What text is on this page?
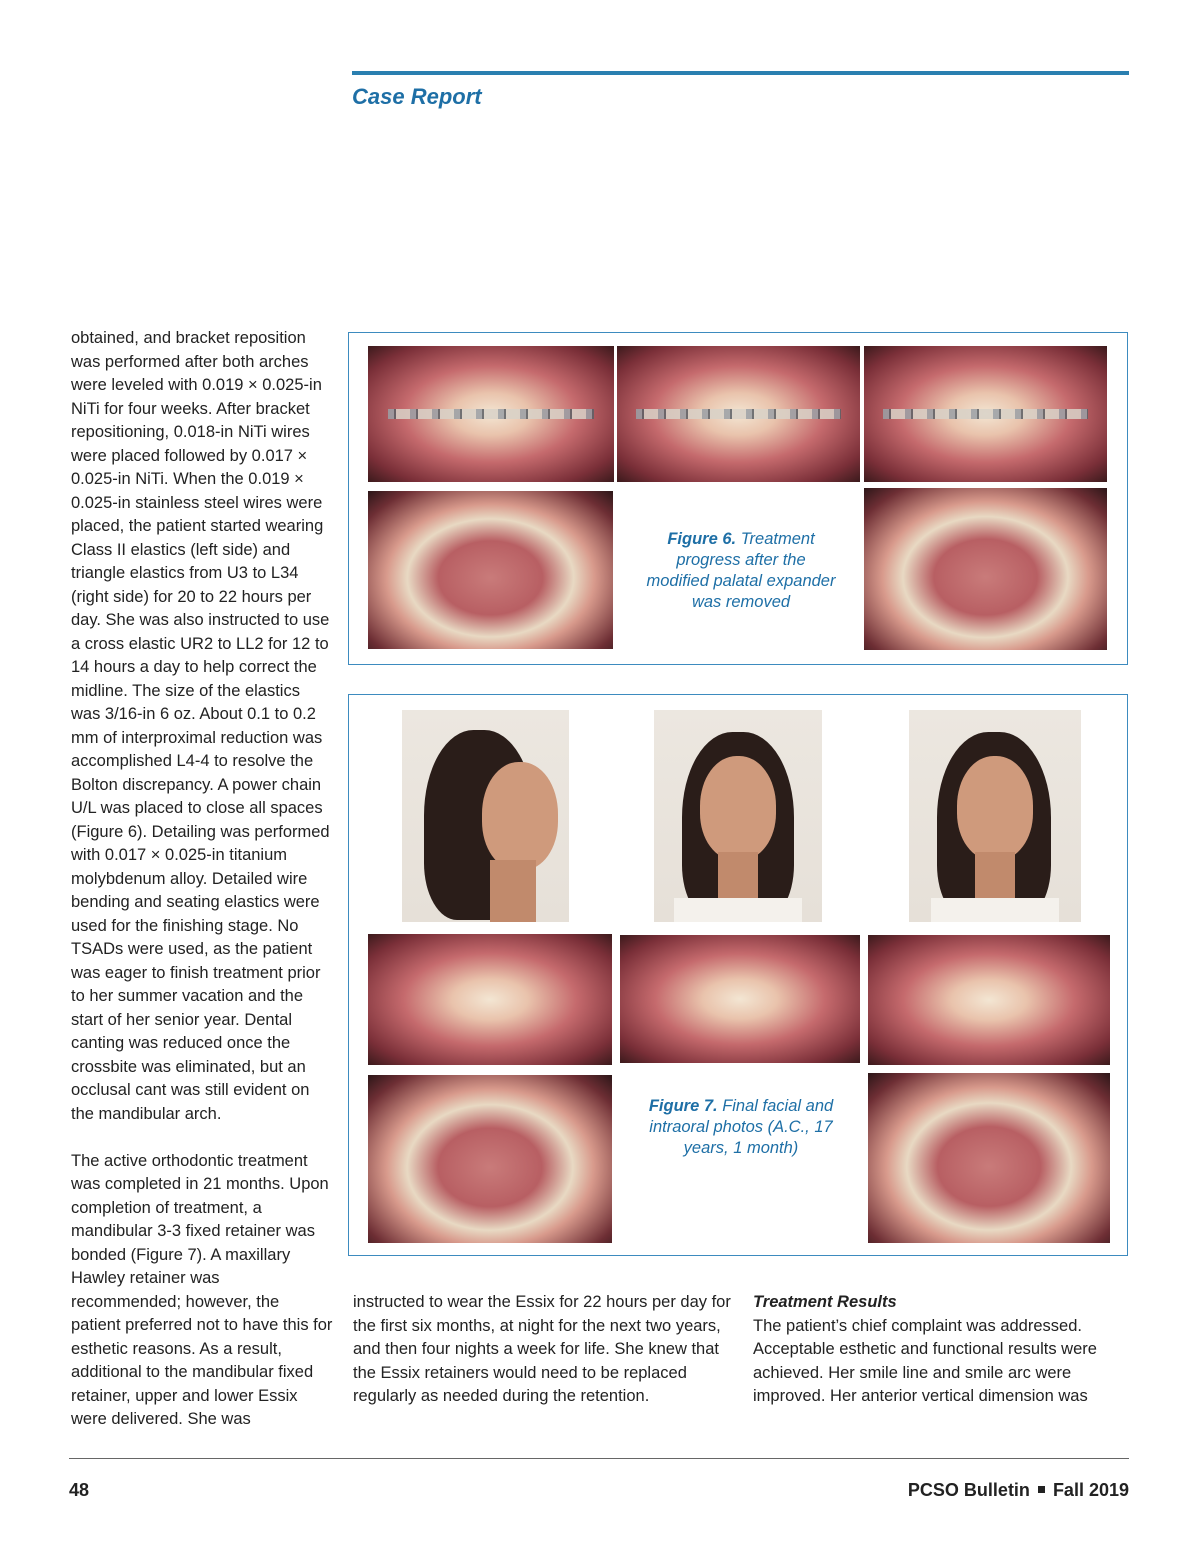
Case Report
Figure 6. Treatment progress after the modified palatal expander was removed
Figure 7. Final facial and intraoral photos (A.C., 17 years, 1 month)

obtained, and bracket reposition was performed after both arches were leveled with 0.019 × 0.025-in NiTi for four weeks. After bracket repositioning, 0.018-in NiTi wires were placed followed by 0.017 × 0.025-in NiTi. When the 0.019 × 0.025-in stainless steel wires were placed, the patient started wearing Class II elastics (left side) and triangle elastics from U3 to L34 (right side) for 20 to 22 hours per day. She was also instructed to use a cross elastic UR2 to LL2 for 12 to 14 hours a day to help correct the midline. The size of the elastics was 3/16-in 6 oz. About 0.1 to 0.2 mm of interproximal reduction was accomplished L4-4 to resolve the Bolton discrepancy. A power chain U/L was placed to close all spaces (Figure 6). Detailing was performed with 0.017 × 0.025-in titanium molybdenum alloy. Detailed wire bending and seating elastics were used for the finishing stage. No TSADs were used, as the patient was eager to finish treatment prior to her summer vacation and the start of her senior year. Dental canting was reduced once the crossbite was eliminated, but an occlusal cant was still evident on the mandibular arch.

The active orthodontic treatment was completed in 21 months. Upon completion of treatment, a mandibular 3-3 fixed retainer was bonded (Figure 7). A maxillary Hawley retainer was recommended; however, the patient preferred not to have this for esthetic reasons. As a result, additional to the mandibular fixed retainer, upper and lower Essix were delivered. She was

instructed to wear the Essix for 22 hours per day for the first six months, at night for the next two years, and then four nights a week for life. She knew that the Essix retainers would need to be replaced regularly as needed during the retention.

Treatment Results

The patient’s chief complaint was addressed. Acceptable esthetic and functional results were achieved. Her smile line and smile arc were improved. Her anterior vertical dimension was

48	PCSO Bulletin Fall 2019
